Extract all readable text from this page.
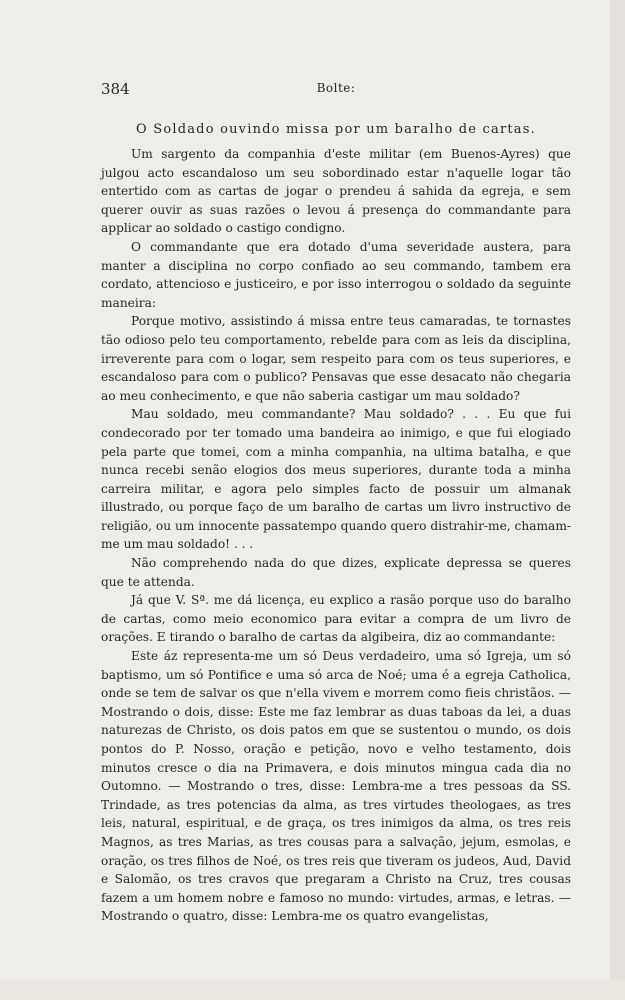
384	Bolte:
O Soldado ouvindo missa por um baralho de cartas.

Um sargento da companhia d'este militar (em Buenos-Ayres) que julgou acto escandaloso um seu sobordinado estar n'aquelle logar tão entertido com as cartas de jogar o prendeu á sahida da egreja, e sem querer ouvir as suas razões o levou á presença do commandante para applicar ao soldado o castigo condigno.

O commandante que era dotado d'uma severidade austera, para manter a disciplina no corpo confiado ao seu commando, tambem era cordato, attencioso e justiceiro, e por isso interrogou o soldado da seguinte maneira:

Porque motivo, assistindo á missa entre teus camaradas, te tornastes tão odioso pelo teu comportamento, rebelde para com as leis da disciplina, irreverente para com o logar, sem respeito para com os teus superiores, e escandaloso para com o publico? Pensavas que esse desacato não chegaria ao meu conhecimento, e que não saberia castigar um mau soldado?

Mau soldado, meu commandante? Mau soldado? . . . Eu que fui condecorado por ter tomado uma bandeira ao inimigo, e que fui elogiado pela parte que tomei, com a minha companhia, na ultima batalha, e que nunca recebi senão elogios dos meus superiores, durante toda a minha carreira militar, e agora pelo simples facto de possuir um almanak illustrado, ou porque faço de um baralho de cartas um livro instructivo de religião, ou um innocente passatempo quando quero distrahir-me, chamam-me um mau soldado! . . .

Não comprehendo nada do que dizes, explicate depressa se queres que te attenda.

Já que V. Sª. me dá licença, eu explico a rasão porque uso do baralho de cartas, como meio economico para evitar a compra de um livro de orações. E tirando o baralho de cartas da algibeira, diz ao commandante:

Este áz representa-me um só Deus verdadeiro, uma só Igreja, um só baptismo, um só Pontifice e uma só arca de Noé; uma é a egreja Catholica, onde se tem de salvar os que n'ella vivem e morrem como fieis christãos. — Mostrando o dois, disse: Este me faz lembrar as duas taboas da lei, a duas naturezas de Christo, os dois patos em que se sustentou o mundo, os dois pontos do P. Nosso, oração e petição, novo e velho testamento, dois minutos cresce o dia na Primavera, e dois minutos mingua cada dia no Outomno. — Mostrando o tres, disse: Lembra-me a tres pessoas da SS. Trindade, as tres potencias da alma, as tres virtudes theologaes, as tres leis, natural, espiritual, e de graça, os tres inimigos da alma, os tres reis Magnos, as tres Marias, as tres cousas para a salvação, jejum, esmolas, e oração, os tres filhos de Noé, os tres reis que tiveram os judeos, Aud, David e Salomão, os tres cravos que pregaram a Christo na Cruz, tres cousas fazem a um homem nobre e famoso no mundo: virtudes, armas, e letras. — Mostrando o quatro, disse: Lembra-me os quatro evangelistas,
